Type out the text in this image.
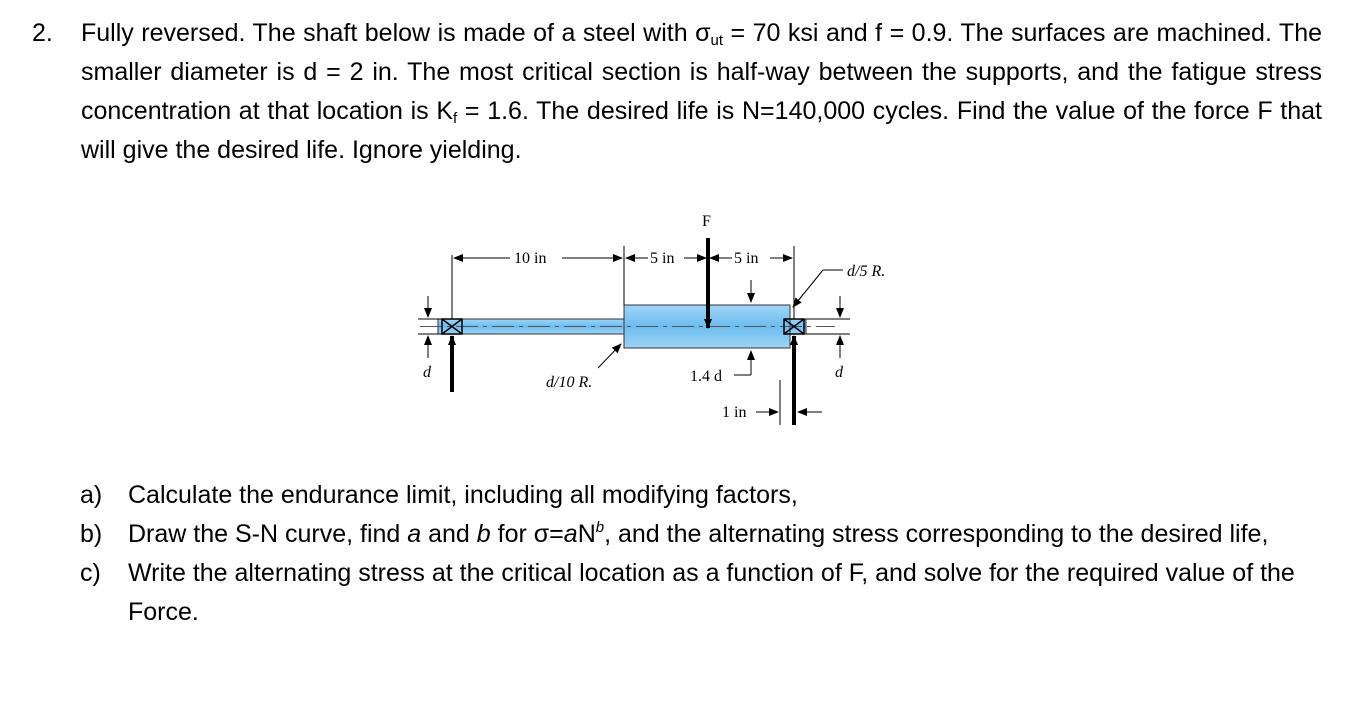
2. Fully reversed. The shaft below is made of a steel with $\sigma_{ut} = 70$ ksi and f = 0.9. The surfaces are machined. The smaller diameter is d = 2 in. The most critical section is half-way between the supports, and the fatigue stress concentration at that location is $K_f = 1.6$. The desired life is N=140,000 cycles. Find the value of the force F that will give the desired life. Ignore yielding.
F
10 in	5 in	5 in
d/5 R.
d/10 R.	1.4 d
1 in
d	d
a)	Calculate the endurance limit, including all modifying factors,
b)	Draw the S-N curve, find a and b for $\sigma=aN^b$, and the alternating stress corresponding to the desired life,
c)	Write the alternating stress at the critical location as a function of F, and solve for the required value of the Force.
